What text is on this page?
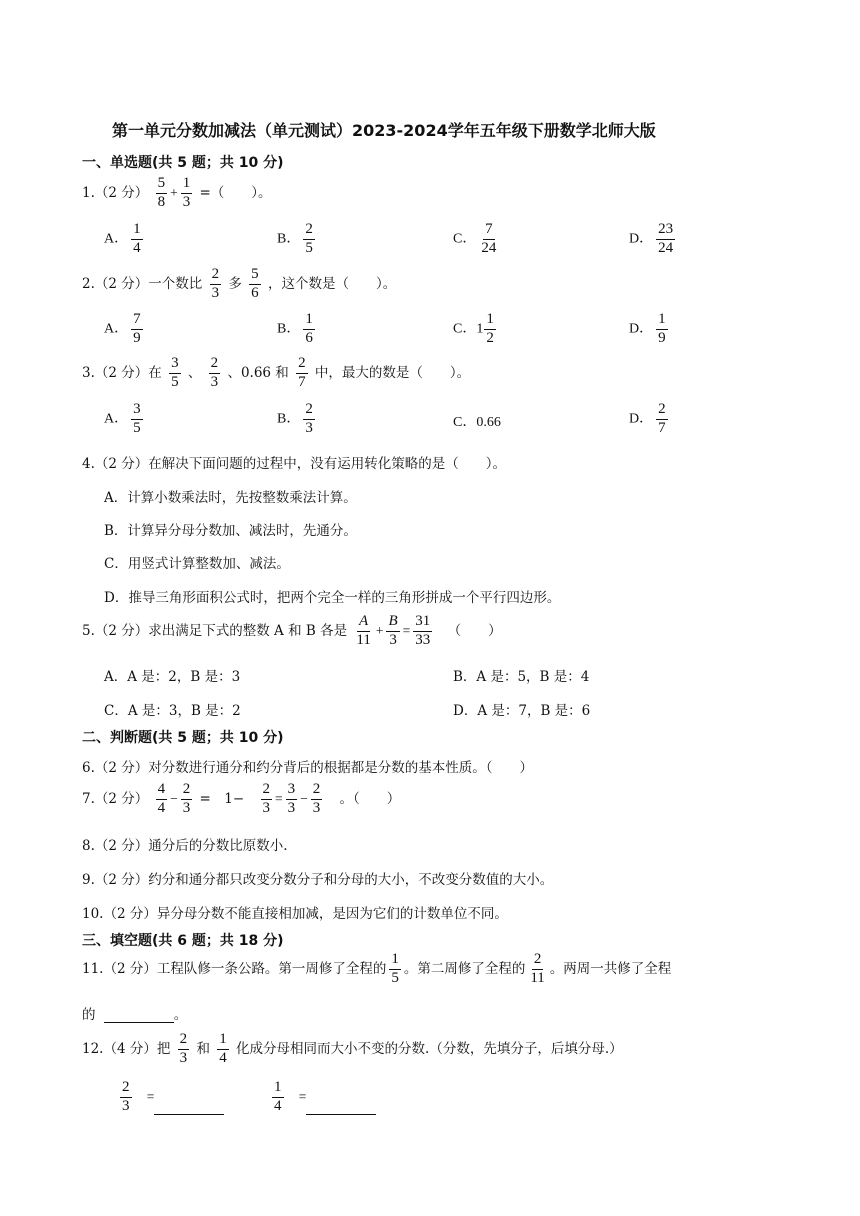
第一单元分数加减法（单元测试）2023-2024学年五年级下册数学北师大版
一、单选题(共 5 题；共 10 分)
1.（2 分） $\frac{5}{8} + \frac{1}{3}$ =（　　）。
A． $\frac{1}{4}$	B． $\frac{2}{5}$	C． $\frac{7}{24}$	D． $\frac{23}{24}$
2.（2 分）一个数比 $\frac{2}{3}$ 多 $\frac{5}{6}$ ，这个数是（　　）。
A． $\frac{7}{9}$	B． $\frac{1}{6}$	C．$1 \frac{1}{2}$	D． $\frac{1}{9}$
3.（2 分）在 $\frac{3}{5}$ 、 $\frac{2}{3}$ 、0.66 和 $\frac{2}{7}$ 中，最大的数是（　　）。
A． $\frac{3}{5}$	B． $\frac{2}{3}$	C．0.66	D． $\frac{2}{7}$
4.（2 分）在解决下面问题的过程中，没有运用转化策略的是（　　）。
A．计算小数乘法时，先按整数乘法计算。
B．计算异分母分数加、减法时，先通分。
C．用竖式计算整数加、减法。
D．推导三角形面积公式时，把两个完全一样的三角形拼成一个平行四边形。
5.（2 分）求出满足下式的整数 A 和 B 各是 $\frac{A}{11} + \frac{B}{3} = \frac{31}{33}$ （　　）
A．A 是：2，B 是：3	B．A 是：5，B 是：4
C．A 是：3，B 是：2	D．A 是：7，B 是：6
二、判断题(共 5 题；共 10 分)
6.（2 分）对分数进行通分和约分背后的根据都是分数的基本性质。（　　）
7.（2 分） $\frac{4}{4} - \frac{2}{3}$ =　$1- \frac{2}{3} = \frac{3}{3} - \frac{2}{3}$ 。（　　）
8.（2 分）通分后的分数比原数小.
9.（2 分）约分和通分都只改变分数分子和分母的大小，不改变分数值的大小。
10.（2 分）异分母分数不能直接相加减，是因为它们的计数单位不同。
三、填空题(共 6 题；共 18 分)
11.（2 分）工程队修一条公路。第一周修了全程的 $\frac{1}{5}$ 。第二周修了全程的 $\frac{2}{11}$ 。两周一共修了全程
的	。
12.（4 分）把 $\frac{2}{3}$ 和 $\frac{1}{4}$ 化成分母相同而大小不变的分数.（分数，先填分子，后填分母.）
$\frac{2}{3}$ =	$\frac{1}{4}$ =
